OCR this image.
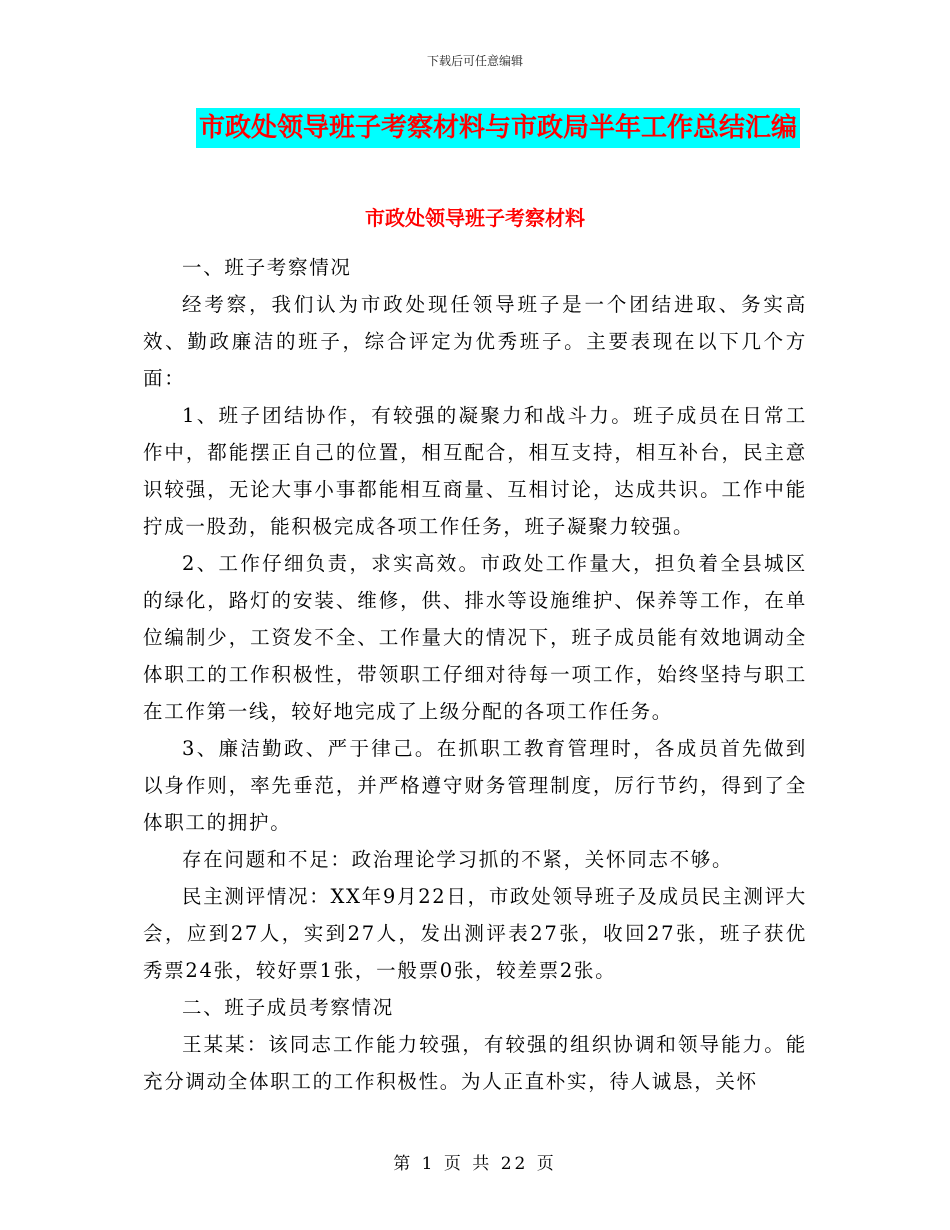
下载后可任意编辑
市政处领导班子考察材料与市政局半年工作总结汇编
市政处领导班子考察材料

一、班子考察情况

经考察，我们认为市政处现任领导班子是一个团结进取、务实高效、勤政廉洁的班子，综合评定为优秀班子。主要表现在以下几个方面：

1、班子团结协作，有较强的凝聚力和战斗力。班子成员在日常工作中，都能摆正自己的位置，相互配合，相互支持，相互补台，民主意识较强，无论大事小事都能相互商量、互相讨论，达成共识。工作中能拧成一股劲，能积极完成各项工作任务，班子凝聚力较强。

2、工作仔细负责，求实高效。市政处工作量大，担负着全县城区的绿化，路灯的安装、维修，供、排水等设施维护、保养等工作，在单位编制少，工资发不全、工作量大的情况下，班子成员能有效地调动全体职工的工作积极性，带领职工仔细对待每一项工作，始终坚持与职工在工作第一线，较好地完成了上级分配的各项工作任务。

3、廉洁勤政、严于律己。在抓职工教育管理时，各成员首先做到以身作则，率先垂范，并严格遵守财务管理制度，厉行节约，得到了全体职工的拥护。

存在问题和不足：政治理论学习抓的不紧，关怀同志不够。

民主测评情况：XX年9月22日，市政处领导班子及成员民主测评大会，应到27人，实到27人，发出测评表27张，收回27张，班子获优秀票24张，较好票1张，一般票0张，较差票2张。

二、班子成员考察情况

王某某：该同志工作能力较强，有较强的组织协调和领导能力。能充分调动全体职工的工作积极性。为人正直朴实，待人诚恳，关怀

第 1 页 共 22 页
